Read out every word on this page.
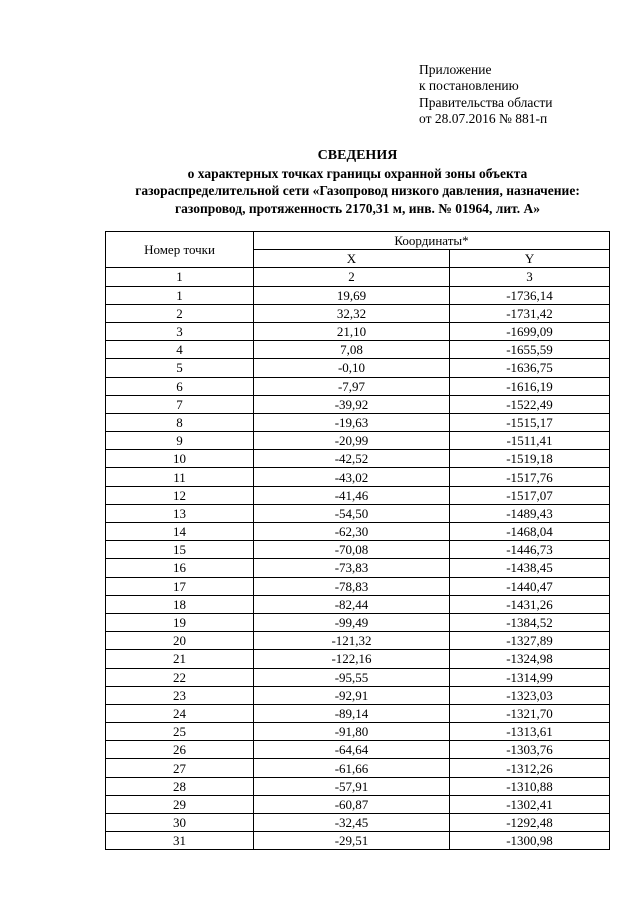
Приложение
к постановлению
Правительства области
от 28.07.2016 № 881-п
СВЕДЕНИЯ
о характерных точках границы охранной зоны объекта
газораспределительной сети «Газопровод низкого давления, назначение:
газопровод, протяженность 2170,31 м, инв. № 01964, лит. А»
Номер точки	Координаты*	
	X	Y
1	2	3
1	19,69	-1736,14
2	32,32	-1731,42
3	21,10	-1699,09
4	7,08	-1655,59
5	-0,10	-1636,75
6	-7,97	-1616,19
7	-39,92	-1522,49
8	-19,63	-1515,17
9	-20,99	-1511,41
10	-42,52	-1519,18
11	-43,02	-1517,76
12	-41,46	-1517,07
13	-54,50	-1489,43
14	-62,30	-1468,04
15	-70,08	-1446,73
16	-73,83	-1438,45
17	-78,83	-1440,47
18	-82,44	-1431,26
19	-99,49	-1384,52
20	-121,32	-1327,89
21	-122,16	-1324,98
22	-95,55	-1314,99
23	-92,91	-1323,03
24	-89,14	-1321,70
25	-91,80	-1313,61
26	-64,64	-1303,76
27	-61,66	-1312,26
28	-57,91	-1310,88
29	-60,87	-1302,41
30	-32,45	-1292,48
31	-29,51	-1300,98
